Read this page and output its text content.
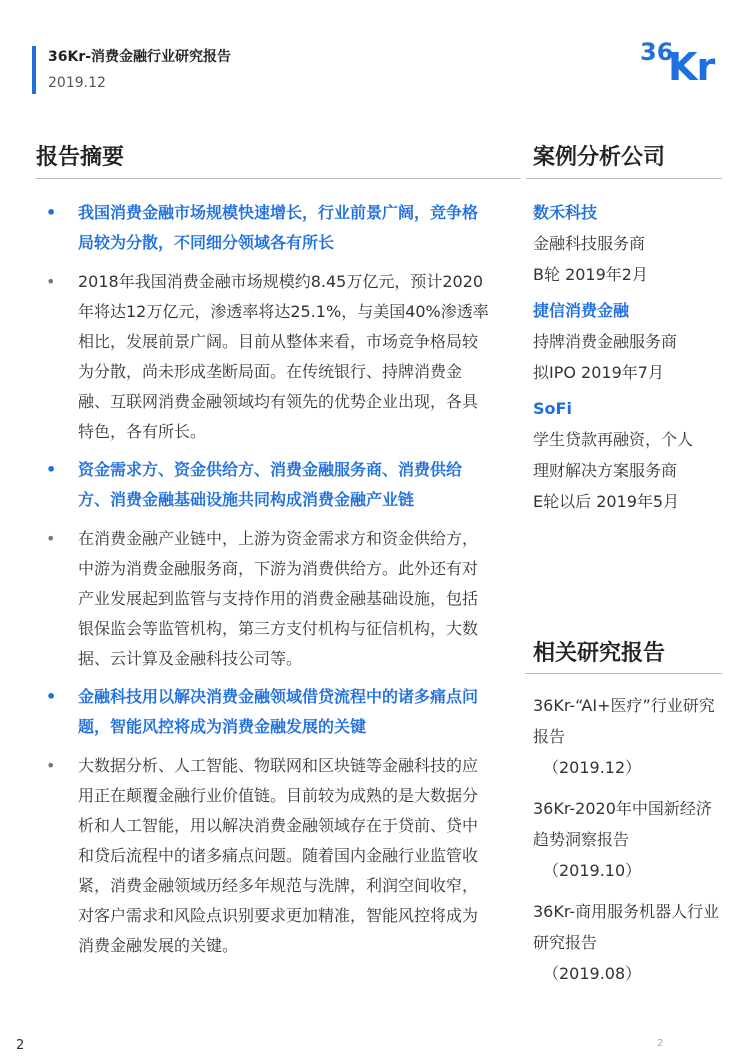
36Kr-消费金融行业研究报告
2019.12
36
Kr
报告摘要	案例分析公司
• 我国消费金融市场规模快速增长，行业前景广阔，竞争格局较为分散，不同细分领域各有所长
• 2018年我国消费金融市场规模约8.45万亿元，预计2020年将达12万亿元，渗透率将达25.1%，与美国40%渗透率相比，发展前景广阔。目前从整体来看，市场竞争格局较为分散，尚未形成垄断局面。在传统银行、持牌消费金融、互联网消费金融领域均有领先的优势企业出现，各具特色，各有所长。
• 资金需求方、资金供给方、消费金融服务商、消费供给方、消费金融基础设施共同构成消费金融产业链
• 在消费金融产业链中，上游为资金需求方和资金供给方，中游为消费金融服务商，下游为消费供给方。此外还有对产业发展起到监管与支持作用的消费金融基础设施，包括银保监会等监管机构，第三方支付机构与征信机构，大数据、云计算及金融科技公司等。
• 金融科技用以解决消费金融领域借贷流程中的诸多痛点问题，智能风控将成为消费金融发展的关键
• 大数据分析、人工智能、物联网和区块链等金融科技的应用正在颠覆金融行业价值链。目前较为成熟的是大数据分析和人工智能，用以解决消费金融领域存在于贷前、贷中和贷后流程中的诸多痛点问题。随着国内金融行业监管收紧，消费金融领域历经多年规范与洗牌，利润空间收窄，对客户需求和风险点识别要求更加精准，智能风控将成为消费金融发展的关键。
数禾科技
金融科技服务商
B轮 2019年2月
捷信消费金融
持牌消费金融服务商
拟IPO 2019年7月
SoFi
学生贷款再融资，个人
理财解决方案服务商
E轮以后 2019年5月
相关研究报告
36Kr-“AI+医疗”行业研究报告
（2019.12）
36Kr-2020年中国新经济趋势洞察报告
（2019.10）
36Kr-商用服务机器人行业研究报告
（2019.08）
2	2
